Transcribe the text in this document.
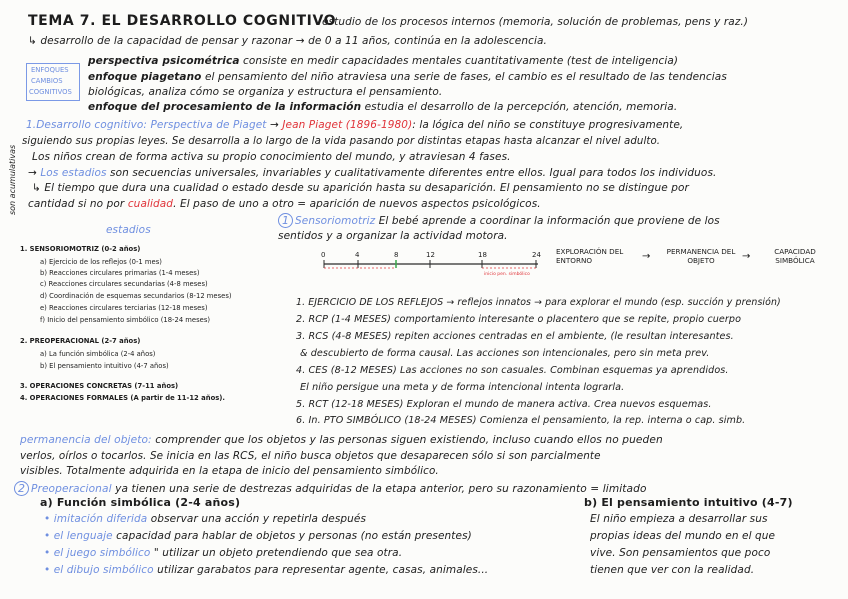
TEMA 7. EL DESARROLLO COGNITIVO
estudio de los procesos internos (memoria, solución de problemas, pens y raz.)
↳ desarrollo de la capacidad de pensar y razonar → de 0 a 11 años, continúa en la adolescencia.
ENFOQUES
CAMBIOS
COGNITIVOS
perspectiva psicométrica consiste en medir capacidades mentales cuantitativamente (test de inteligencia)
enfoque piagetano el pensamiento del niño atraviesa una serie de fases, el cambio es el resultado de las tendencias
biológicas, analiza cómo se organiza y estructura el pensamiento.
enfoque del procesamiento de la información estudia el desarrollo de la percepción, atención, memoria.
son acumulativas
1.Desarrollo cognitivo: Perspectiva de Piaget → Jean Piaget (1896-1980): la lógica del niño se constituye progresivamente,
siguiendo sus propias leyes. Se desarrolla a lo largo de la vida pasando por distintas etapas hasta alcanzar el nivel adulto.
Los niños crean de forma activa su propio conocimiento del mundo, y atraviesan 4 fases.
→ Los estadios son secuencias universales, invariables y cualitativamente diferentes entre ellos. Igual para todos los individuos.
↳ El tiempo que dura una cualidad o estado desde su aparición hasta su desaparición. El pensamiento no se distingue por
cantidad si no por cualidad. El paso de uno a otro = aparición de nuevos aspectos psicológicos.
estadios
1. SENSORIOMOTRIZ (0-2 años)
a) Ejercicio de los reflejos (0-1 mes)
b) Reacciones circulares primarias (1-4 meses)
c) Reacciones circulares secundarias (4-8 meses)
d) Coordinación de esquemas secundarios (8-12 meses)
e) Reacciones circulares terciarias (12-18 meses)
f) Inicio del pensamiento simbólico (18-24 meses)
2. PREOPERACIONAL (2-7 años)
a) La función simbólica (2-4 años)
b) El pensamiento intuitivo (4-7 años)
3. OPERACIONES CONCRETAS (7-11 años)
4. OPERACIONES FORMALES (A partir de 11-12 años).
1 Sensoriomotriz El bebé aprende a coordinar la información que proviene de los
sentidos y a organizar la actividad motora.
0	4	8	12	18	24
inicio pen. simbólico
EXPLORACIÓN DEL ENTORNO	→	PERMANENCIA DEL OBJETO	→	CAPACIDAD SIMBÓLICA
1. EJERCICIO DE LOS REFLEJOS → reflejos innatos → para explorar el mundo (esp. succión y prensión)
2. RCP (1-4 MESES) comportamiento interesante o placentero que se repite, propio cuerpo
3. RCS (4-8 MESES) repiten acciones centradas en el ambiente, (le resultan interesantes.
& descubierto de forma causal. Las acciones son intencionales, pero sin meta prev.
4. CES (8-12 MESES) Las acciones no son casuales. Combinan esquemas ya aprendidos.
El niño persigue una meta y de forma intencional intenta lograrla.
5. RCT (12-18 MESES) Exploran el mundo de manera activa. Crea nuevos esquemas.
6. In. PTO SIMBÓLICO (18-24 MESES) Comienza el pensamiento, la rep. interna o cap. simb.
permanencia del objeto: comprender que los objetos y las personas siguen existiendo, incluso cuando ellos no pueden
verlos, oírlos o tocarlos. Se inicia en las RCS, el niño busca objetos que desaparecen sólo si son parcialmente
visibles. Totalmente adquirida en la etapa de inicio del pensamiento simbólico.
2 Preoperacional ya tienen una serie de destrezas adquiridas de la etapa anterior, pero su razonamiento = limitado
a) Función simbólica (2-4 años)
• imitación diferida observar una acción y repetirla después
• el lenguaje capacidad para hablar de objetos y personas (no están presentes)
• el juego simbólico " utilizar un objeto pretendiendo que sea otra.
• el dibujo simbólico utilizar garabatos para representar agente, casas, animales...
b) El pensamiento intuitivo (4-7)
El niño empieza a desarrollar sus
propias ideas del mundo en el que
vive. Son pensamientos que poco
tienen que ver con la realidad.
